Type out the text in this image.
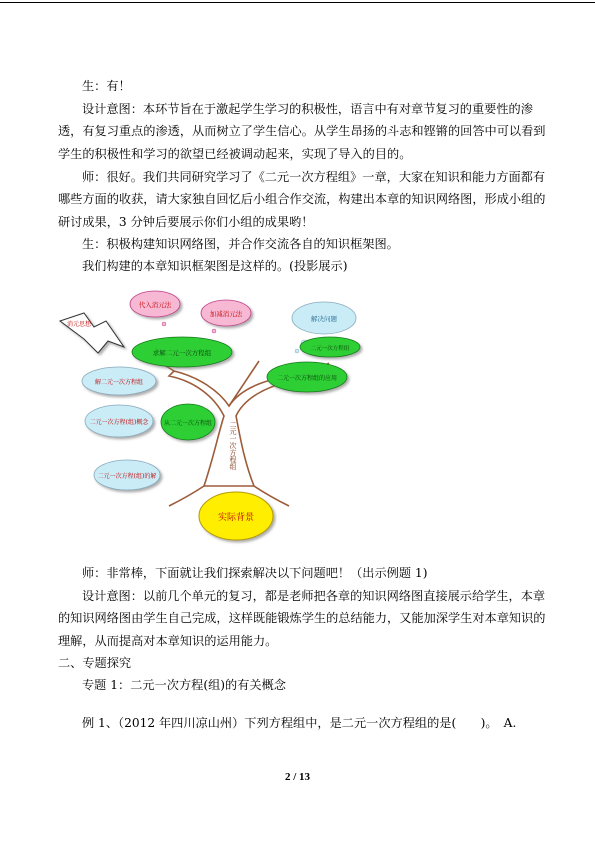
生：有！
设计意图：本环节旨在于激起学生学习的积极性，语言中有对章节复习的重要性的渗
透，有复习重点的渗透，从而树立了学生信心。从学生昂扬的斗志和铿锵的回答中可以看到
学生的积极性和学习的欲望已经被调动起来，实现了导入的目的。
师：很好。我们共同研究学习了《二元一次方程组》一章，大家在知识和能力方面都有
哪些方面的收获，请大家独自回忆后小组合作交流，构建出本章的知识网络图，形成小组的
研讨成果，3 分钟后要展示你们小组的成果哟！
生：积极构建知识网络图，并合作交流各自的知识框架图。
我们构建的本章知识框架图是这样的。(投影展示)
二元一次方程组
消元思想
代入消元法
加减消元法
解决问题
求解二元一次方程组
二元一次方程组的应用
二元一次方程组
解二元一次方程组
二元一次方程(组)概念	从二元一次方程组
二元一次方程(组)的解
实际背景
师：非常棒，下面就让我们探索解决以下问题吧！（出示例题 1)
设计意图：以前几个单元的复习，都是老师把各章的知识网络图直接展示给学生，本章
的知识网络图由学生自己完成，这样既能锻炼学生的总结能力，又能加深学生对本章知识的
理解，从而提高对本章知识的运用能力。
二、专题探究
专题 1：二元一次方程(组)的有关概念
例 1、（2012 年四川凉山州）下列方程组中，是二元一次方程组的是(　　)。　A.
2 / 13
